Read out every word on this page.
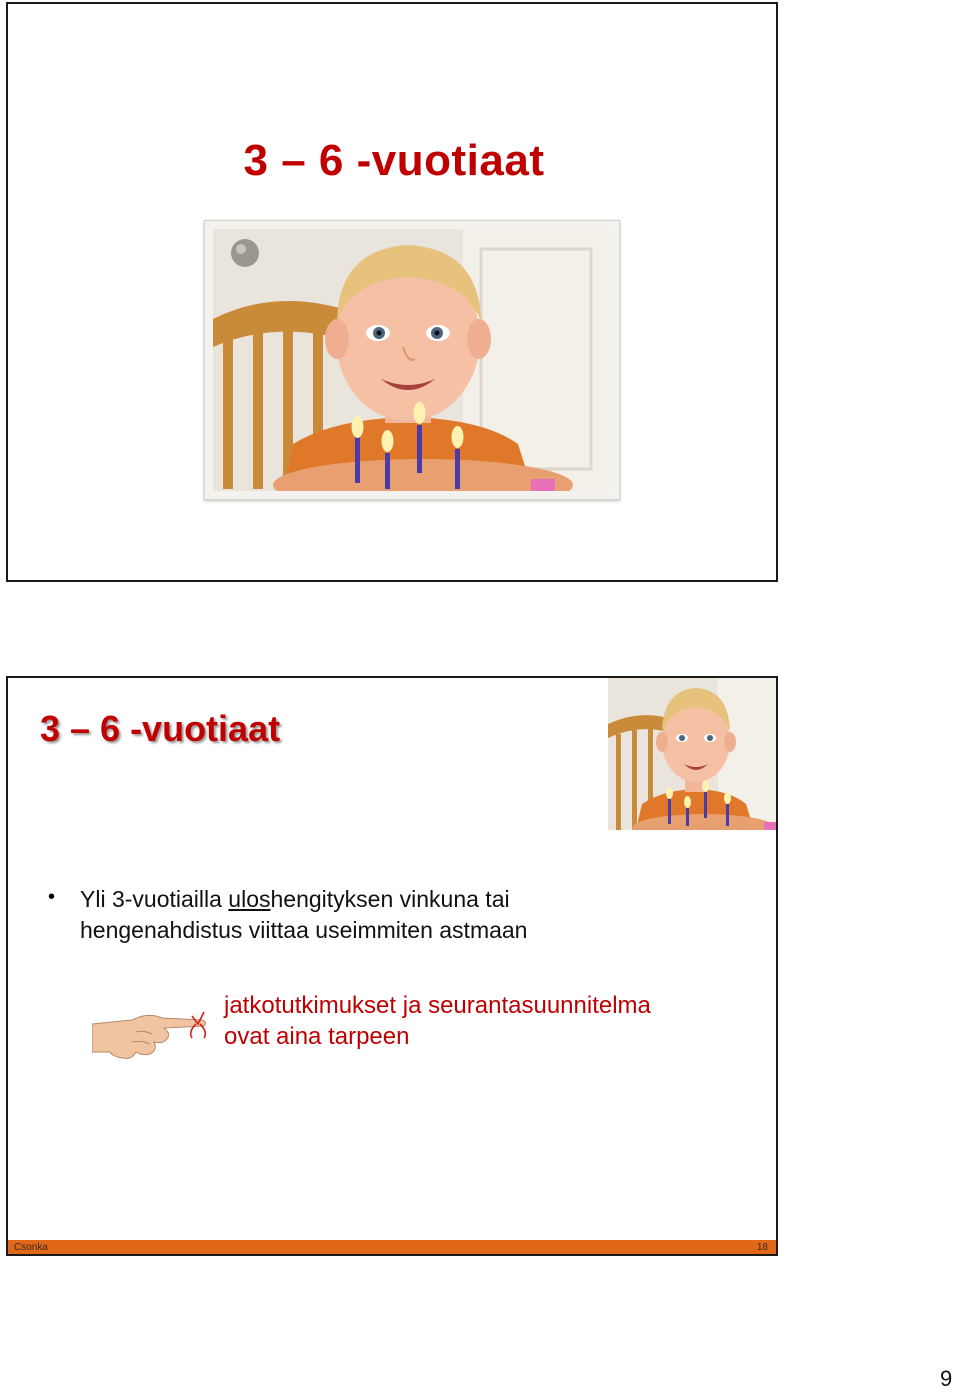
3 – 6 -vuotiaat
3 – 6 -vuotiaat
• Yli 3-vuotiailla uloshengityksen vinkuna tai
hengenahdistus viittaa useimmiten astmaan
jatkotutkimukset ja seurantasuunnitelma
ovat aina tarpeen
Csonka	18
9
